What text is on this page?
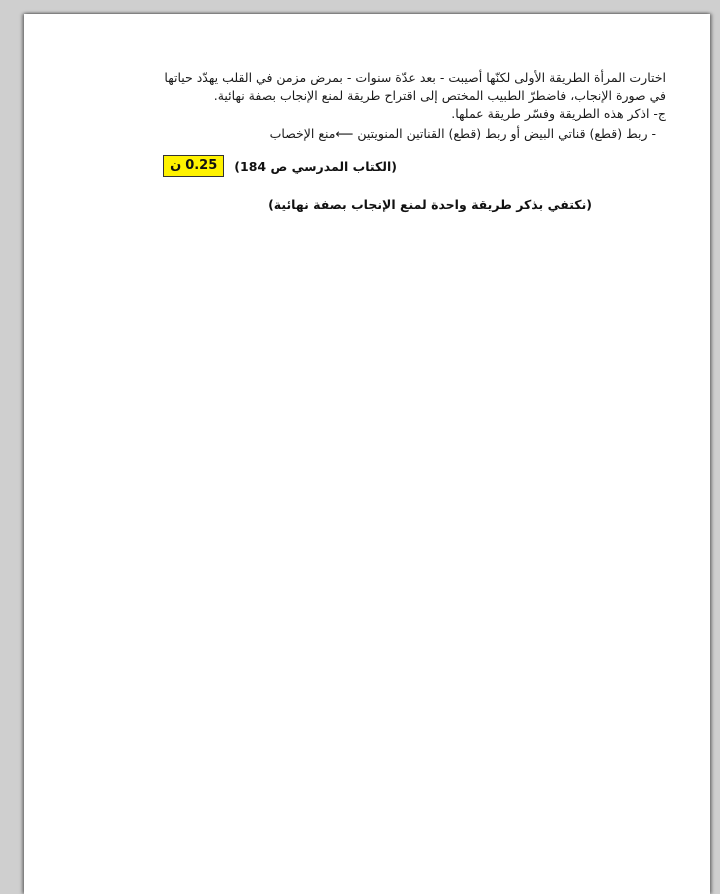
اختارت المرأة الطريقة الأولى لكنّها أصيبت - بعد عدّة سنوات - بمرض مزمن في القلب يهدّد حياتها
في صورة الإنجاب، فاضطرّ الطبيب المختص إلى اقتراح طريقة لمنع الإنجاب بصفة نهائية.
ج- اذكر هذه الطريقة وفسّر طريقة عملها.
- ربط (قطع) قناتي البيض أو ربط (قطع) القناتين المنويتين ⟵منع الإخصاب
(الكتاب المدرسي ص 184)
0.25
ن
(نكتفي بذكر طريقة واحدة لمنع الإنجاب بصفة نهائية)
